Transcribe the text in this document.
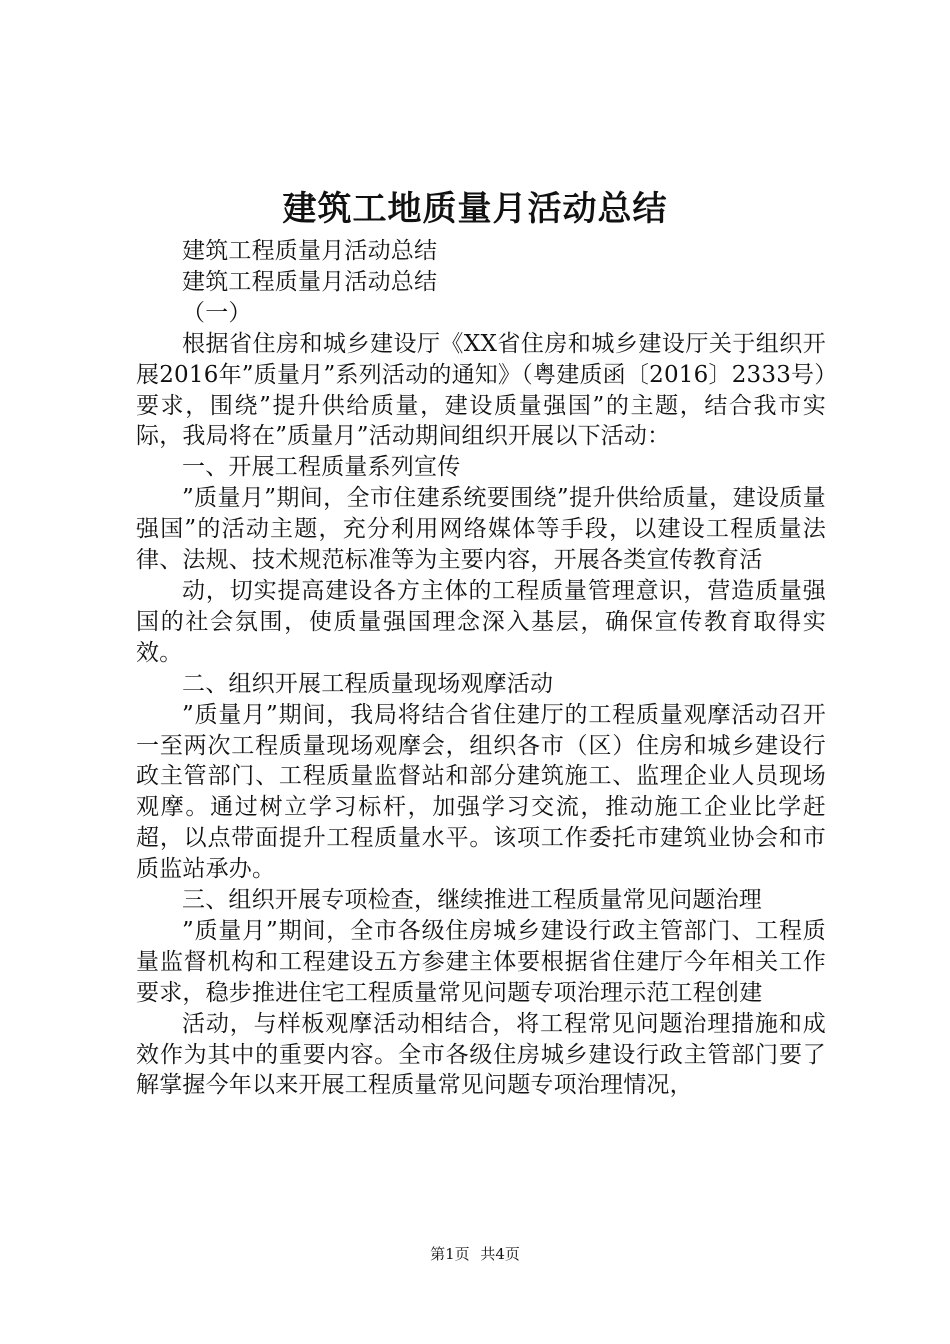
建筑工地质量月活动总结

建筑工程质量月活动总结

建筑工程质量月活动总结

（一）

根据省住房和城乡建设厅《XX省住房和城乡建设厅关于组织开展2016年”质量月”系列活动的通知》（粤建质函〔2016〕2333号）要求，围绕”提升供给质量，建设质量强国”的主题，结合我市实际，我局将在”质量月”活动期间组织开展以下活动：

一、开展工程质量系列宣传

”质量月”期间，全市住建系统要围绕”提升供给质量，建设质量强国”的活动主题，充分利用网络媒体等手段，以建设工程质量法律、法规、技术规范标准等为主要内容，开展各类宣传教育活

动，切实提高建设各方主体的工程质量管理意识，营造质量强国的社会氛围，使质量强国理念深入基层，确保宣传教育取得实效。

二、组织开展工程质量现场观摩活动

”质量月”期间，我局将结合省住建厅的工程质量观摩活动召开一至两次工程质量现场观摩会，组织各市（区）住房和城乡建设行政主管部门、工程质量监督站和部分建筑施工、监理企业人员现场观摩。通过树立学习标杆，加强学习交流，推动施工企业比学赶超，以点带面提升工程质量水平。该项工作委托市建筑业协会和市质监站承办。

三、组织开展专项检查，继续推进工程质量常见问题治理

”质量月”期间，全市各级住房城乡建设行政主管部门、工程质量监督机构和工程建设五方参建主体要根据省住建厅今年相关工作要求，稳步推进住宅工程质量常见问题专项治理示范工程创建

活动，与样板观摩活动相结合，将工程常见问题治理措施和成效作为其中的重要内容。全市各级住房城乡建设行政主管部门要了解掌握今年以来开展工程质量常见问题专项治理情况，

第1页 共4页
